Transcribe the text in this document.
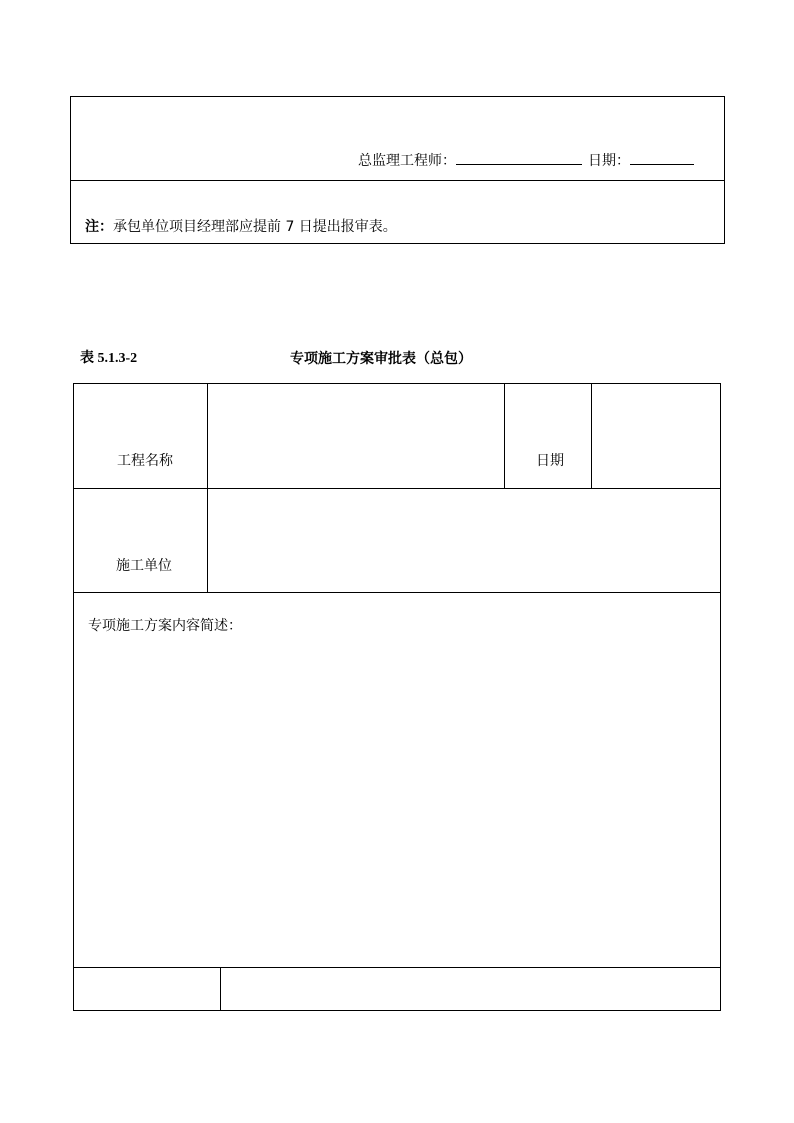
总监理工程师：	日期：
注：承包单位项目经理部应提前 7 日提出报审表。
表 5.1.3-2	专项施工方案审批表（总包）
工程名称	日期
施工单位
专项施工方案内容简述：
